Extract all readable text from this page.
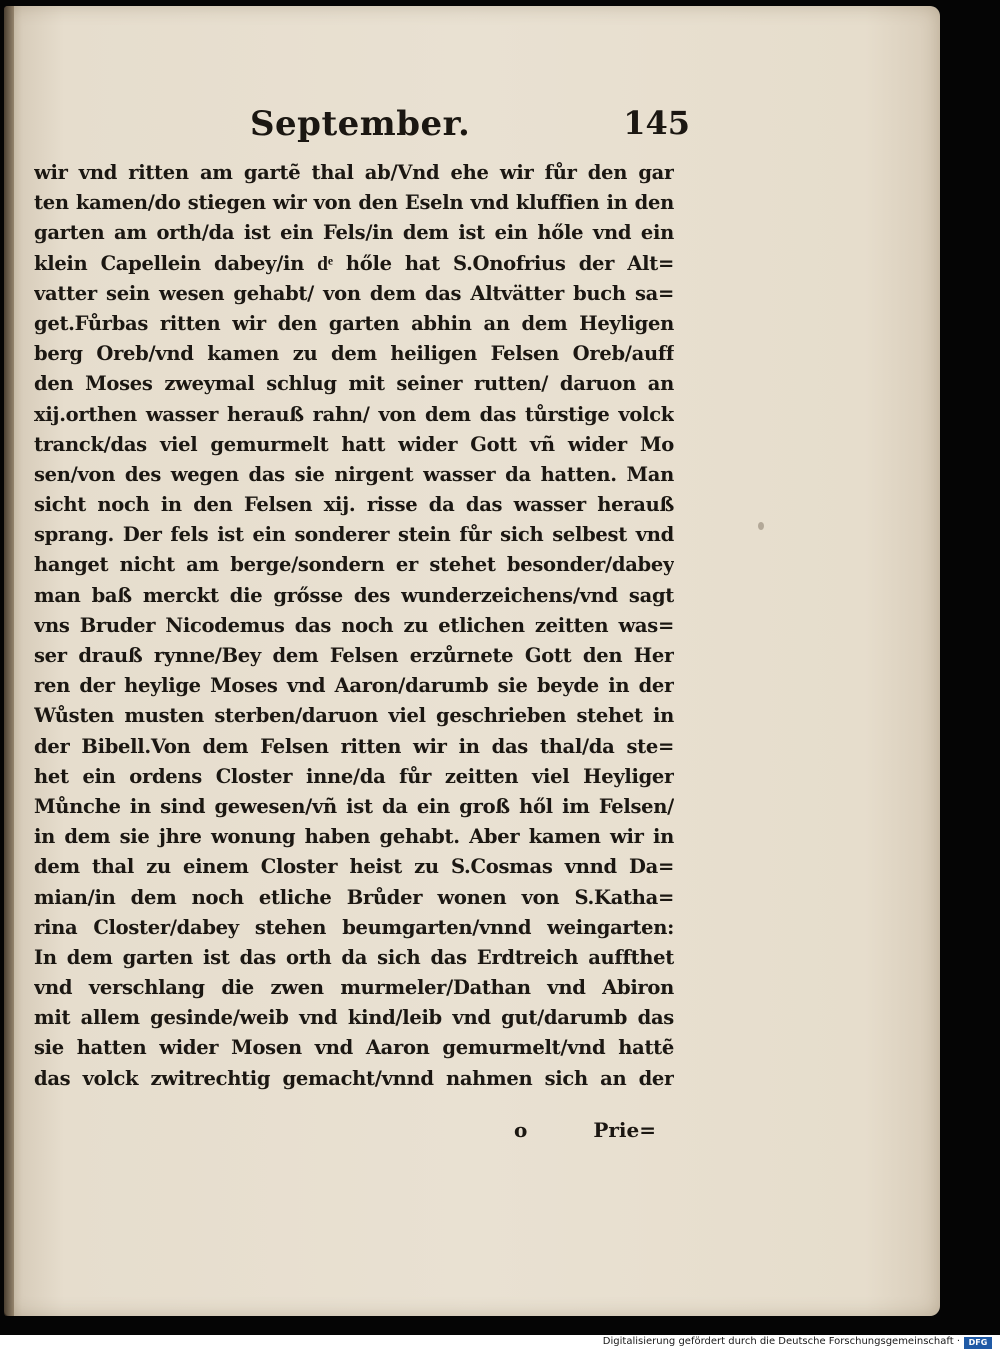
September.	145
wir vnd ritten am gartẽ thal ab/Vnd ehe wir fůr den gar
ten kamen/do stiegen wir von den Eseln vnd kluffien in den
garten am orth/da ist ein Fels/in dem ist ein hőle vnd ein
klein Capellein dabey/in dͤ hőle hat S.Onofrius der Alt=
vatter sein wesen gehabt/ von dem das Altvätter buch sa=
get.Fůrbas ritten wir den garten abhin an dem Heyligen
berg Oreb/vnd kamen zu dem heiligen Felsen Oreb/auff
den Moses zweymal schlug mit seiner rutten/ daruon an
xij.orthen wasser herauß rahn/ von dem das tůrstige volck
tranck/das viel gemurmelt hatt wider Gott vñ wider Mo
sen/von des wegen das sie nirgent wasser da hatten. Man
sicht noch in den Felsen xij. risse da das wasser herauß
sprang. Der fels ist ein sonderer stein fůr sich selbest vnd
hanget nicht am berge/sondern er stehet besonder/dabey
man baß merckt die grősse des wunderzeichens/vnd sagt
vns Bruder Nicodemus das noch zu etlichen zeitten was=
ser drauß rynne/Bey dem Felsen erzůrnete Gott den Her
ren der heylige Moses vnd Aaron/darumb sie beyde in der
Wůsten musten sterben/daruon viel geschrieben stehet in
der Bibell.Von dem Felsen ritten wir in das thal/da ste=
het ein ordens Closter inne/da fůr zeitten viel Heyliger
Můnche in sind gewesen/vñ ist da ein groß hől im Felsen/
in dem sie jhre wonung haben gehabt. Aber kamen wir in
dem thal zu einem Closter heist zu S.Cosmas vnnd Da=
mian/in dem noch etliche Brůder wonen von S.Katha=
rina Closter/dabey stehen beumgarten/vnnd weingarten:
In dem garten ist das orth da sich das Erdtreich auffthet
vnd verschlang die zwen murmeler/Dathan vnd Abiron
mit allem gesinde/weib vnd kind/leib vnd gut/darumb das
sie hatten wider Mosen vnd Aaron gemurmelt/vnd hattẽ
das volck zwitrechtig gemacht/vnnd nahmen sich an der
o	Prie=
Digitalisierung gefördert durch die Deutsche Forschungsgemeinschaft ·	DFG
